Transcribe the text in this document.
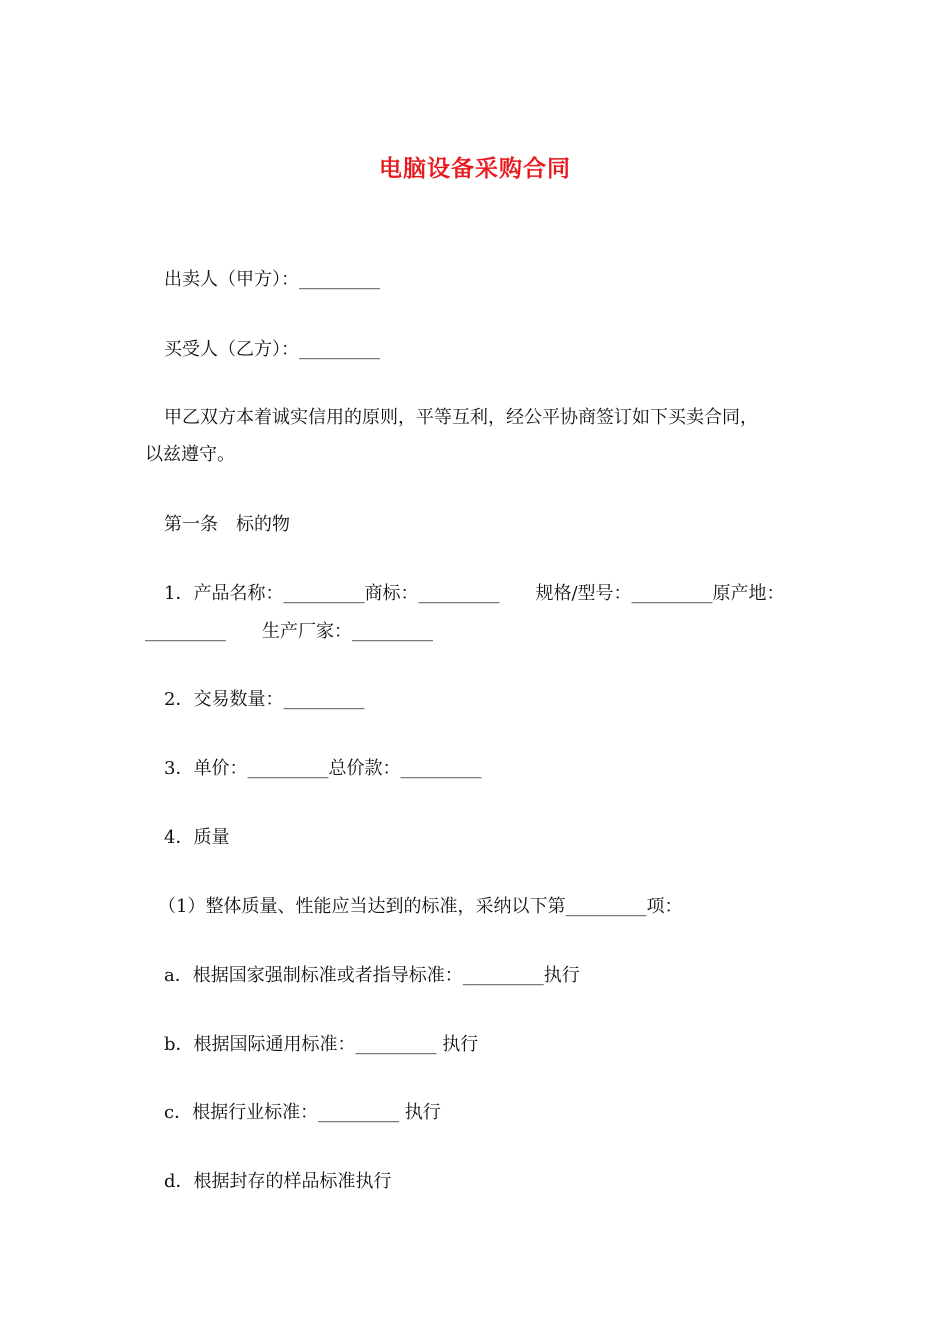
电脑设备采购合同
出卖人（甲方）：_________
买受人（乙方）：_________
甲乙双方本着诚实信用的原则，平等互利，经公平协商签订如下买卖合同，
以兹遵守。
第一条　标的物
1．产品名称：_________商标：_________　　规格/型号：_________原产地：
_________　　生产厂家：_________
2．交易数量：_________
3．单价：_________总价款：_________
4．质量
（1）整体质量、性能应当达到的标准，采纳以下第_________项：
a．根据国家强制标准或者指导标准：_________执行
b．根据国际通用标准：_________ 执行
c．根据行业标准：_________ 执行
d．根据封存的样品标准执行
